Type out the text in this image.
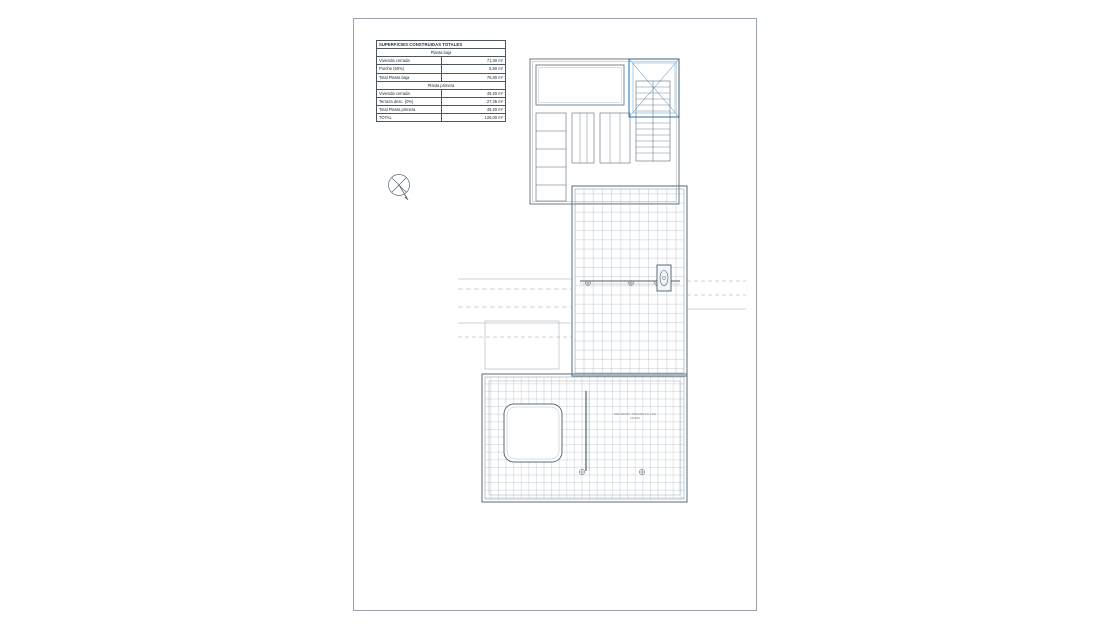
SUPERFICIES CONSTRUIDAS TOTALES	
Planta baja	
Vivienda cerrada	71,30 m²
Porche (50%)	5,50 m²
Total Planta baja	76,80 m²
Planta primera	
Vivienda cerrada	49,20 m²
Terraza desc. (0%)	27,35 m²
Total Planta primera	49,20 m²
TOTAL	126,00 m²
SOLARIUM / PISCINA 3,5 x 8,0 (40 M²)
